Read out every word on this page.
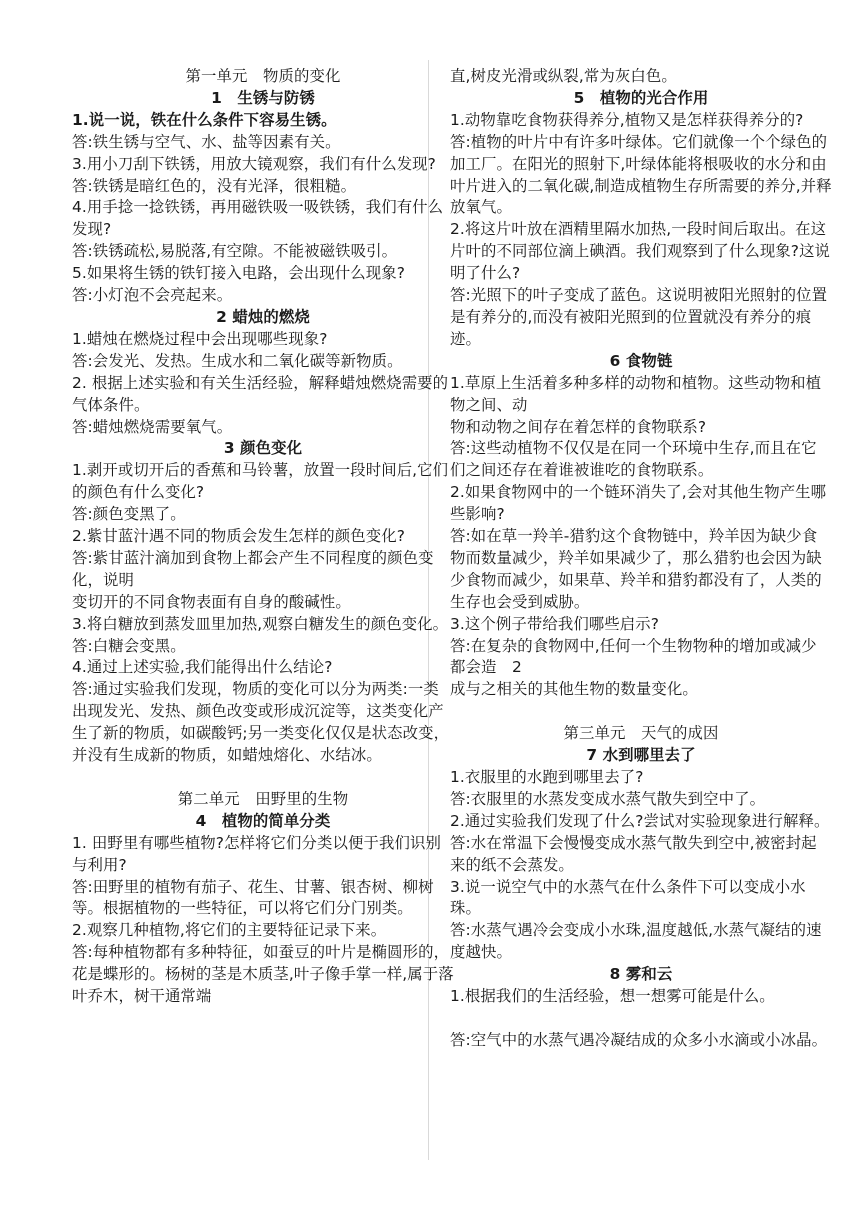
第一单元　物质的变化

1　生锈与防锈

1.说一说，铁在什么条件下容易生锈。

答:铁生锈与空气、水、盐等因素有关。

3.用小刀刮下铁锈，用放大镜观察，我们有什么发现?

答:铁锈是暗红色的，没有光泽，很粗糙。

4.用手捻一捻铁锈，再用磁铁吸一吸铁锈，我们有什么发现?

答:铁锈疏松,易脱落,有空隙。不能被磁铁吸引。

5.如果将生锈的铁钉接入电路，会出现什么现象?

答:小灯泡不会亮起来。

2 蜡烛的燃烧

1.蜡烛在燃烧过程中会出现哪些现象?

答:会发光、发热。生成水和二氧化碳等新物质。

2. 根据上述实验和有关生活经验，解释蜡烛燃烧需要的气体条件。

答:蜡烛燃烧需要氧气。

3 颜色变化

1.剥开或切开后的香蕉和马铃薯，放置一段时间后,它们的颜色有什么变化?

答:颜色变黑了。

2.紫甘蓝汁遇不同的物质会发生怎样的颜色变化?

答:紫甘蓝汁滴加到食物上都会产生不同程度的颜色变化，说明

变切开的不同食物表面有自身的酸碱性。

3.将白糖放到蒸发皿里加热,观察白糖发生的颜色变化。

答:白糖会变黑。

4.通过上述实验,我们能得出什么结论?

答:通过实验我们发现，物质的变化可以分为两类:一类出现发光、发热、颜色改变或形成沉淀等，这类变化产生了新的物质，如碳酸钙;另一类变化仅仅是状态改变，并没有生成新的物质，如蜡烛熔化、水结冰。

第二单元　田野里的生物

4　植物的简单分类

1. 田野里有哪些植物?怎样将它们分类以便于我们识别与利用?

答:田野里的植物有茄子、花生、甘薯、银杏树、柳树等。根据植物的一些特征，可以将它们分门别类。

2.观察几种植物,将它们的主要特征记录下来。

答:每种植物都有多种特征，如蚕豆的叶片是椭圆形的，花是蝶形的。杨树的茎是木质茎,叶子像手掌一样,属于落叶乔木，树干通常端

直,树皮光滑或纵裂,常为灰白色。

5　植物的光合作用

1.动物靠吃食物获得养分,植物又是怎样获得养分的?

答:植物的叶片中有许多叶绿体。它们就像一个个绿色的加工厂。在阳光的照射下,叶绿体能将根吸收的水分和由叶片进入的二氧化碳,制造成植物生存所需要的养分,并释放氧气。

2.将这片叶放在酒精里隔水加热,一段时间后取出。在这片叶的不同部位滴上碘酒。我们观察到了什么现象?这说明了什么?

答:光照下的叶子变成了蓝色。这说明被阳光照射的位置是有养分的,而没有被阳光照到的位置就没有养分的痕迹。

6 食物链

1.草原上生活着多种多样的动物和植物。这些动物和植物之间、动

物和动物之间存在着怎样的食物联系?

答:这些动植物不仅仅是在同一个环境中生存,而且在它们之间还存在着谁被谁吃的食物联系。

2.如果食物网中的一个链环消失了,会对其他生物产生哪些影响?

答:如在草一羚羊-猎豹这个食物链中，羚羊因为缺少食物而数量减少，羚羊如果减少了，那么猎豹也会因为缺少食物而减少，如果草、羚羊和猎豹都没有了，人类的生存也会受到威胁。

3.这个例子带给我们哪些启示?

答:在复杂的食物网中,任何一个生物物种的增加或减少都会造　2

成与之相关的其他生物的数量变化。

第三单元　天气的成因

7 水到哪里去了

1.衣服里的水跑到哪里去了?

答:衣服里的水蒸发变成水蒸气散失到空中了。

2.通过实验我们发现了什么?尝试对实验现象进行解释。

答:水在常温下会慢慢变成水蒸气散失到空中,被密封起来的纸不会蒸发。

3.说一说空气中的水蒸气在什么条件下可以变成小水珠。

答:水蒸气遇冷会变成小水珠,温度越低,水蒸气凝结的速度越快。

8 雾和云

1.根据我们的生活经验，想一想雾可能是什么。

答:空气中的水蒸气遇冷凝结成的众多小水滴或小冰晶。
